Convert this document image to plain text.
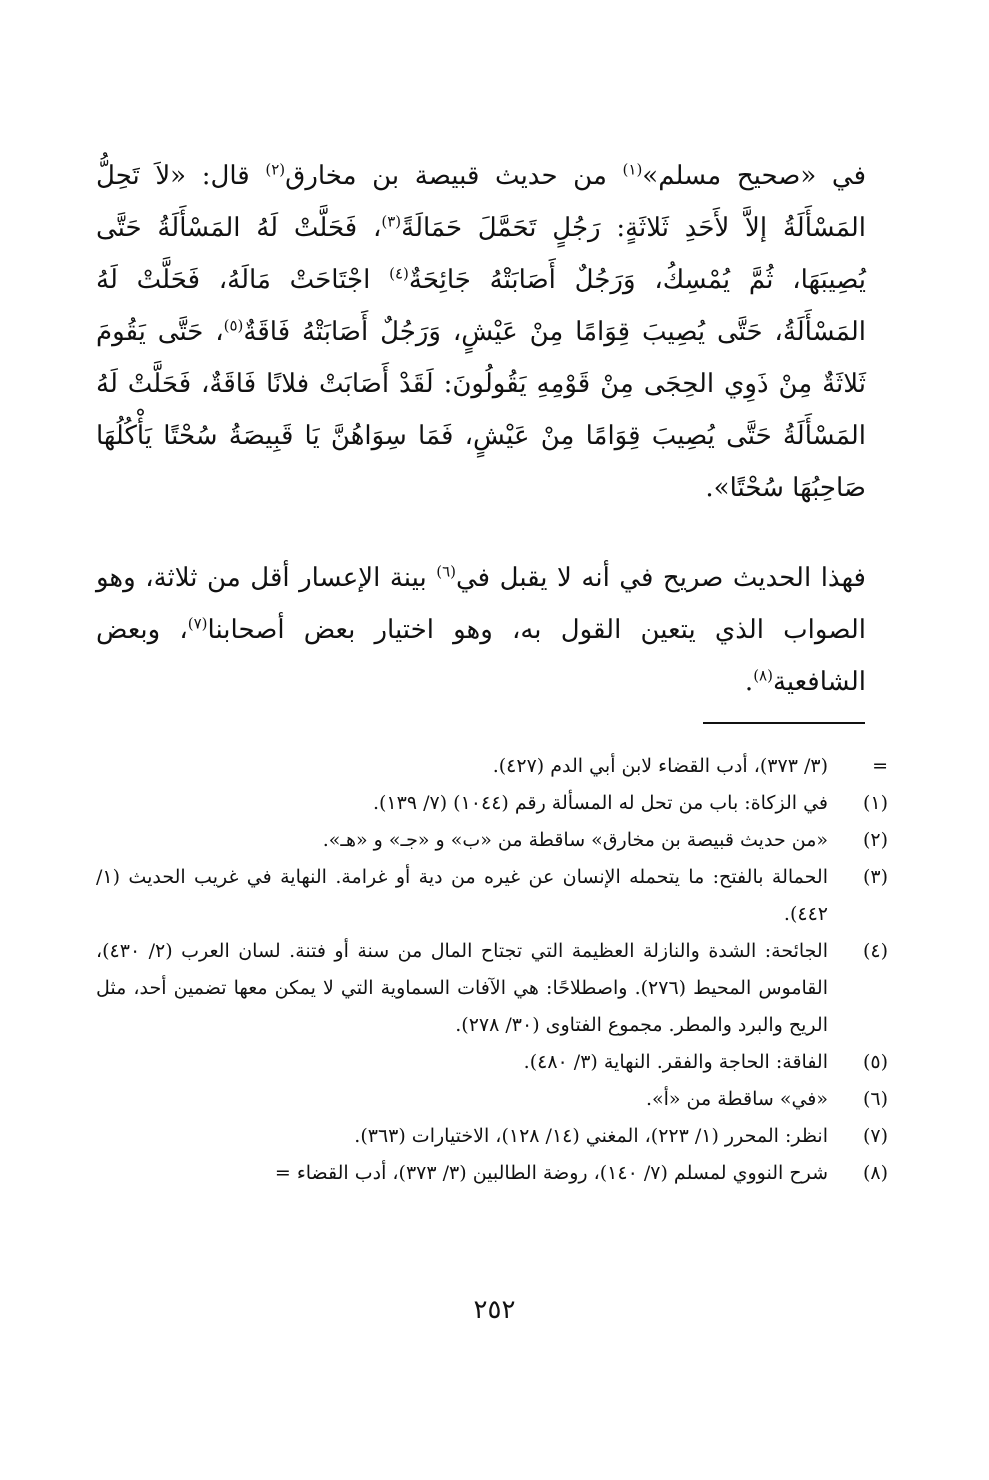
في «صحيح مسلم»$^{(١)}$ من حديث قبيصة بن مخارق$^{(٢)}$ قال: «لاَ تَحِلُّ المَسْأَلَةُ إلاَّ لأَحَدِ ثَلاثَةٍ: رَجُلٍ تَحَمَّلَ حَمَالَةً$^{(٣)}$، فَحَلَّتْ لَهُ المَسْأَلَةُ حَتَّى يُصِيبَهَا، ثُمَّ يُمْسِكُ، وَرَجُلٌ أَصَابَتْهُ جَائِحَةٌ$^{(٤)}$ اجْتَاحَتْ مَالَهُ، فَحَلَّتْ لَهُ المَسْأَلَةُ، حَتَّى يُصِيبَ قِوَامًا مِنْ عَيْشٍ، وَرَجُلٌ أَصَابَتْهُ فَاقَةٌ$^{(٥)}$، حَتَّى يَقُومَ ثَلاثَةٌ مِنْ ذَوِي الحِجَى مِنْ قَوْمِهِ يَقُولُونَ: لَقَدْ أَصَابَتْ فلانًا فَاقَةٌ، فَحَلَّتْ لَهُ المَسْأَلَةُ حَتَّى يُصِيبَ قِوَامًا مِنْ عَيْشٍ، فَمَا سِوَاهُنَّ يَا قَبِيصَةُ سُحْتًا يَأْكُلُهَا صَاحِبُهَا سُحْتًا».

فهذا الحديث صريح في أنه لا يقبل في$^{(٦)}$ بينة الإعسار أقل من ثلاثة، وهو الصواب الذي يتعين القول به، وهو اختيار بعض أصحابنا$^{(٧)}$، وبعض الشافعية$^{(٨)}$.

=
(٣/ ٣٧٣)، أدب القضاء لابن أبي الدم (٤٢٧).
(١)
في الزكاة: باب من تحل له المسألة رقم (١٠٤٤) (٧/ ١٣٩).
(٢)
«من حديث قبيصة بن مخارق» ساقطة من «ب» و «جـ» و «هـ».
(٣)
الحمالة بالفتح: ما يتحمله الإنسان عن غيره من دية أو غرامة. النهاية في غريب الحديث (١/ ٤٤٢).
(٤)
الجائحة: الشدة والنازلة العظيمة التي تجتاح المال من سنة أو فتنة. لسان العرب (٢/ ٤٣٠)، القاموس المحيط (٢٧٦). واصطلاحًا: هي الآفات السماوية التي لا يمكن معها تضمين أحد، مثل الريح والبرد والمطر. مجموع الفتاوى (٣٠/ ٢٧٨).
(٥)
الفاقة: الحاجة والفقر. النهاية (٣/ ٤٨٠).
(٦)
«في» ساقطة من «أ».
(٧)
انظر: المحرر (١/ ٢٢٣)، المغني (١٤/ ١٢٨)، الاختيارات (٣٦٣).
(٨)
شرح النووي لمسلم (٧/ ١٤٠)، روضة الطالبين (٣/ ٣٧٣)، أدب القضاء =
٢٥٢
